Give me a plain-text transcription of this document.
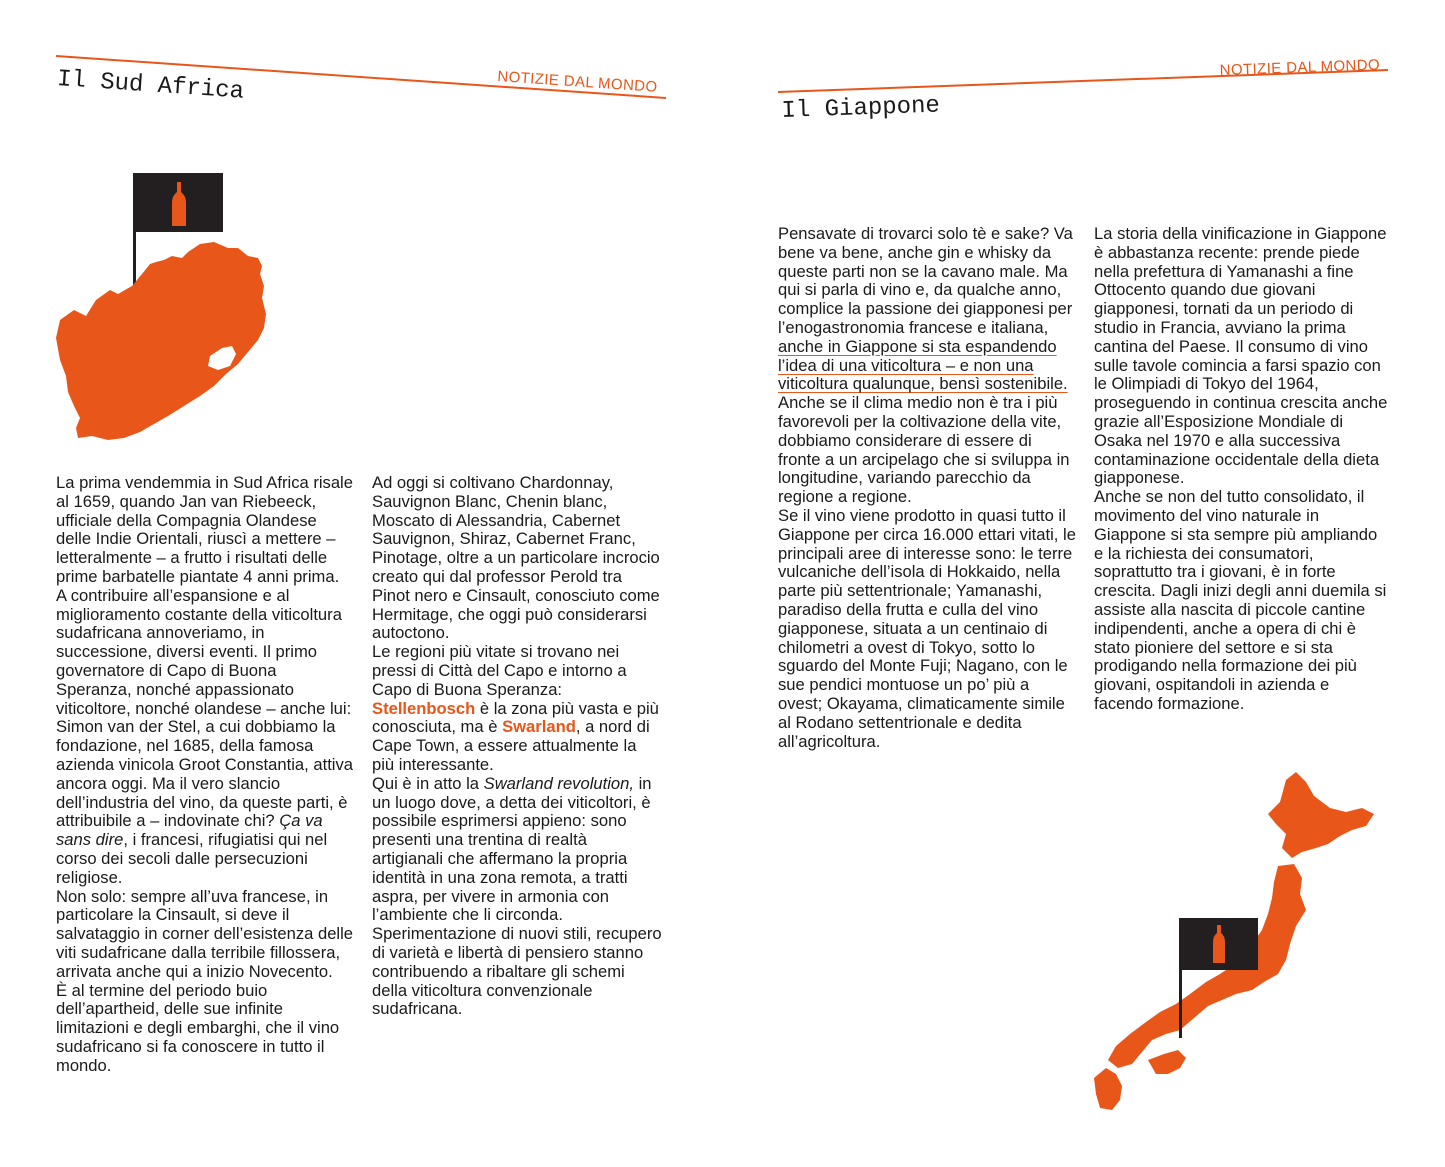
NOTIZIE DAL MONDO
Il Sud Africa

La prima vendemmia in Sud Africa risale al 1659, quando Jan van Riebeeck, ufficiale della Compagnia Olandese delle Indie Orientali, riuscì a mettere – letteralmente – a frutto i risultati delle prime barbatelle piantate 4 anni prima.

A contribuire all’espansione e al miglioramento costante della viticoltura sudafricana annoveriamo, in successione, diversi eventi. Il primo governatore di Capo di Buona Speranza, nonché appassionato viticoltore, nonché olandese – anche lui: Simon van der Stel, a cui dobbiamo la fondazione, nel 1685, della famosa azienda vinicola Groot Constantia, attiva ancora oggi. Ma il vero slancio dell’industria del vino, da queste parti, è attribuibile a – indovinate chi? Ça va sans dire, i francesi, rifugiatisi qui nel corso dei secoli dalle persecuzioni religiose.

Non solo: sempre all’uva francese, in particolare la Cinsault, si deve il salvataggio in corner dell’esistenza delle viti sudafricane dalla terribile fillossera, arrivata anche qui a inizio Novecento.

È al termine del periodo buio dell’apartheid, delle sue infinite limitazioni e degli embarghi, che il vino sudafricano si fa conoscere in tutto il mondo.

Ad oggi si coltivano Chardonnay, Sauvignon Blanc, Chenin blanc, Moscato di Alessandria, Cabernet Sauvignon, Shiraz, Cabernet Franc, Pinotage, oltre a un particolare incrocio creato qui dal professor Perold tra Pinot nero e Cinsault, conosciuto come Hermitage, che oggi può considerarsi autoctono.

Le regioni più vitate si trovano nei pressi di Città del Capo e intorno a Capo di Buona Speranza: Stellenbosch è la zona più vasta e più conosciuta, ma è Swarland, a nord di Cape Town, a essere attualmente la più interessante.

Qui è in atto la Swarland revolution, in un luogo dove, a detta dei viticoltori, è possibile esprimersi appieno: sono presenti una trentina di realtà artigianali che affermano la propria identità in una zona remota, a tratti aspra, per vivere in armonia con l’ambiente che li circonda. Sperimentazione di nuovi stili, recupero di varietà e libertà di pensiero stanno contribuendo a ribaltare gli schemi della viticoltura convenzionale sudafricana.

NOTIZIE DAL MONDO
Il Giappone

Pensavate di trovarci solo tè e sake? Va bene va bene, anche gin e whisky da queste parti non se la cavano male. Ma qui si parla di vino e, da qualche anno, complice la passione dei giapponesi per l’enogastronomia francese e italiana, anche in Giappone si sta espandendo l’idea di una viticoltura – e non una viticoltura qualunque, bensì sostenibile.

Anche se il clima medio non è tra i più favorevoli per la coltivazione della vite, dobbiamo considerare di essere di fronte a un arcipelago che si sviluppa in longitudine, variando parecchio da regione a regione.

Se il vino viene prodotto in quasi tutto il Giappone per circa 16.000 ettari vitati, le principali aree di interesse sono: le terre vulcaniche dell’isola di Hokkaido, nella parte più settentrionale; Yamanashi, paradiso della frutta e culla del vino giapponese, situata a un centinaio di chilometri a ovest di Tokyo, sotto lo sguardo del Monte Fuji; Nagano, con le sue pendici montuose un po’ più a ovest; Okayama, climaticamente simile al Rodano settentrionale e dedita all’agricoltura.

La storia della vinificazione in Giappone è abbastanza recente: prende piede nella prefettura di Yamanashi a fine Ottocento quando due giovani giapponesi, tornati da un periodo di studio in Francia, avviano la prima cantina del Paese. Il consumo di vino sulle tavole comincia a farsi spazio con le Olimpiadi di Tokyo del 1964, proseguendo in continua crescita anche grazie all’Esposizione Mondiale di Osaka nel 1970 e alla successiva contaminazione occidentale della dieta giapponese.

Anche se non del tutto consolidato, il movimento del vino naturale in Giappone si sta sempre più ampliando e la richiesta dei consumatori, soprattutto tra i giovani, è in forte crescita. Dagli inizi degli anni duemila si assiste alla nascita di piccole cantine indipendenti, anche a opera di chi è stato pioniere del settore e si sta prodigando nella formazione dei più giovani, ospitandoli in azienda e facendo formazione.
